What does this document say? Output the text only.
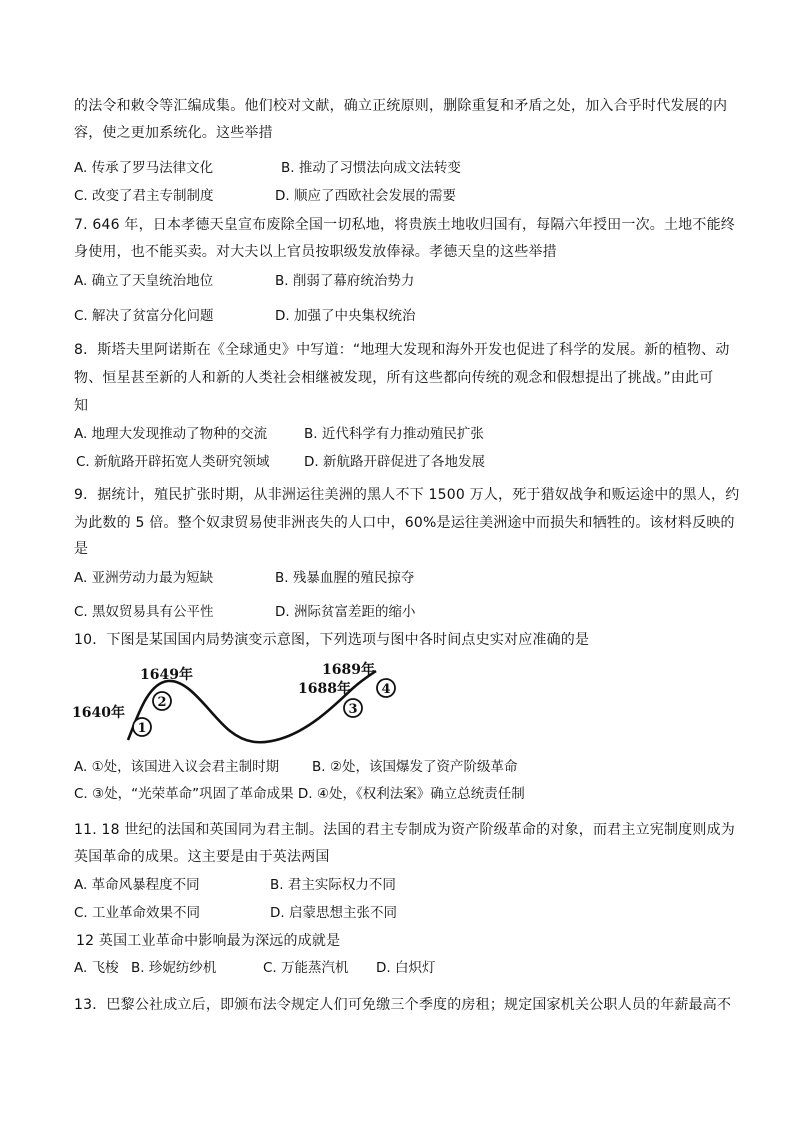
的法令和敕令等汇编成集。他们校对文献，确立正统原则，删除重复和矛盾之处，加入合乎时代发展的内
容，使之更加系统化。这些举措
A. 传承了罗马法律文化	B. 推动了习惯法向成文法转变
C. 改变了君主专制制度	D. 顺应了西欧社会发展的需要
7. 646 年，日本孝德天皇宣布废除全国一切私地，将贵族土地收归国有，每隔六年授田一次。土地不能终
身使用，也不能买卖。对大夫以上官员按职级发放俸禄。孝德天皇的这些举措
A. 确立了天皇统治地位	B. 削弱了幕府统治势力
C. 解决了贫富分化问题	D. 加强了中央集权统治
8．斯塔夫里阿诺斯在《全球通史》中写道：“地理大发现和海外开发也促进了科学的发展。新的植物、动
物、恒星甚至新的人和新的人类社会相继被发现，所有这些都向传统的观念和假想提出了挑战。”由此可
知
A. 地理大发现推动了物种的交流	B. 近代科学有力推动殖民扩张
C. 新航路开辟拓宽人类研究领域	D. 新航路开辟促进了各地发展
9．据统计，殖民扩张时期，从非洲运往美洲的黑人不下 1500 万人，死于猎奴战争和贩运途中的黑人，约
为此数的 5 倍。整个奴隶贸易使非洲丧失的人口中，60%是运往美洲途中而损失和牺牲的。该材料反映的
是
A. 亚洲劳动力最为短缺	B. 残暴血腥的殖民掠夺
C. 黑奴贸易具有公平性	D. 洲际贫富差距的缩小
10．下图是某国国内局势演变示意图，下列选项与图中各时间点史实对应准确的是
1640年
1649年
1688年
1689年
1
2	3
4
A. ①处，该国进入议会君主制时期 B. ②处，该国爆发了资产阶级革命
C. ③处，“光荣革命”巩固了革命成果 D. ④处，《权利法案》确立总统责任制
11. 18 世纪的法国和英国同为君主制。法国的君主专制成为资产阶级革命的对象，而君主立宪制度则成为
英国革命的成果。这主要是由于英法两国
A. 革命风暴程度不同	B. 君主实际权力不同
C. 工业革命效果不同	D. 启蒙思想主张不同
12 英国工业革命中影响最为深远的成就是
A. 飞梭 B. 珍妮纺纱机	C. 万能蒸汽机 D. 白炽灯
13．巴黎公社成立后，即颁布法令规定人们可免缴三个季度的房租；规定国家机关公职人员的年薪最高不
